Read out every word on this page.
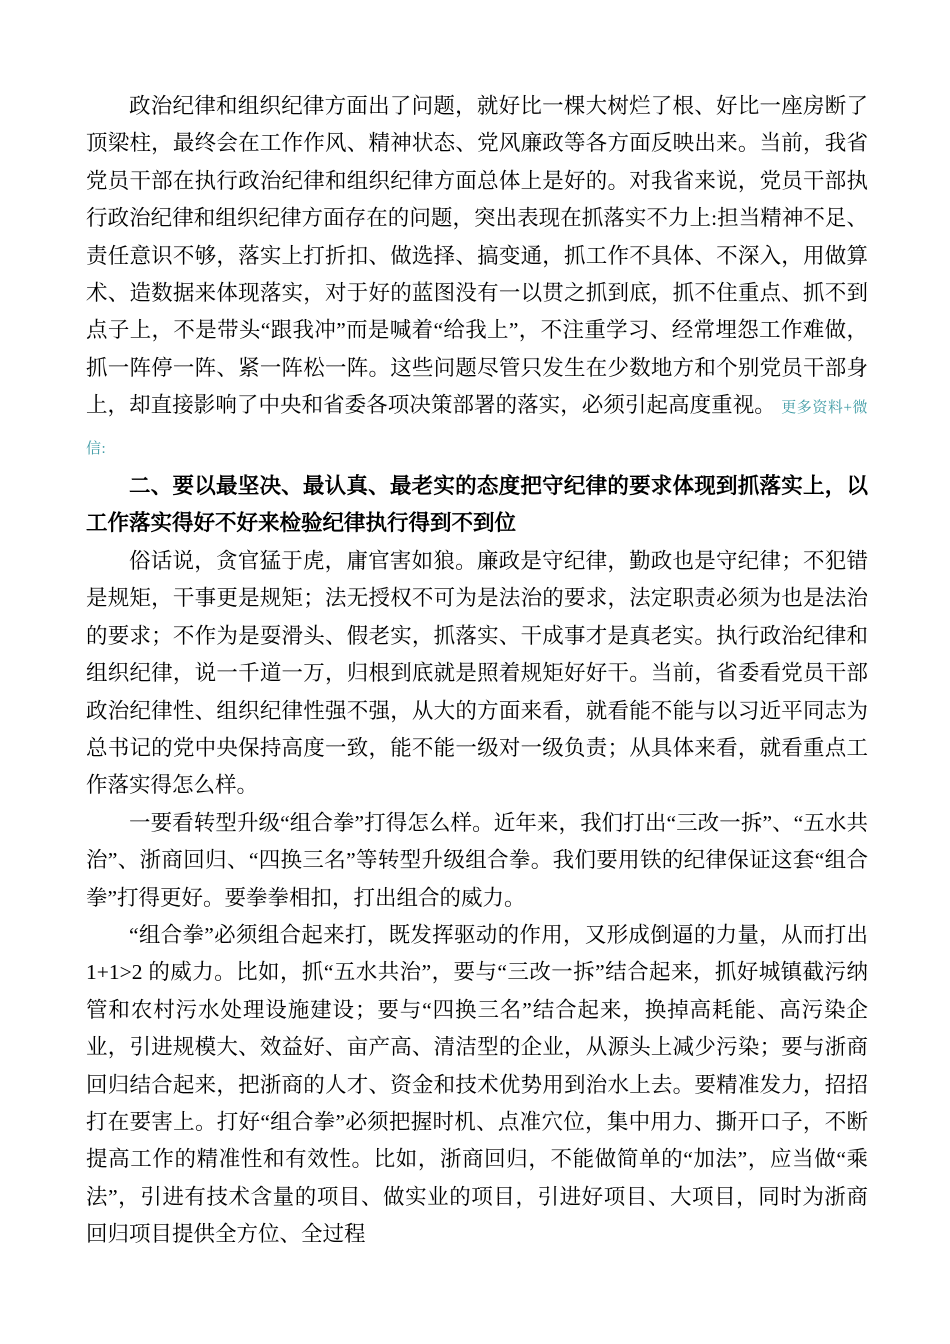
政治纪律和组织纪律方面出了问题，就好比一棵大树烂了根、好比一座房断了顶梁柱，最终会在工作作风、精神状态、党风廉政等各方面反映出来。当前，我省党员干部在执行政治纪律和组织纪律方面总体上是好的。对我省来说，党员干部执行政治纪律和组织纪律方面存在的问题，突出表现在抓落实不力上:担当精神不足、责任意识不够，落实上打折扣、做选择、搞变通，抓工作不具体、不深入，用做算术、造数据来体现落实，对于好的蓝图没有一以贯之抓到底，抓不住重点、抓不到点子上，不是带头“跟我冲”而是喊着“给我上”，不注重学习、经常埋怨工作难做，抓一阵停一阵、紧一阵松一阵。这些问题尽管只发生在少数地方和个别党员干部身上，却直接影响了中央和省委各项决策部署的落实，必须引起高度重视。 更多资料+微信:

二、要以最坚决、最认真、最老实的态度把守纪律的要求体现到抓落实上，以工作落实得好不好来检验纪律执行得到不到位

俗话说，贪官猛于虎，庸官害如狼。廉政是守纪律，勤政也是守纪律；不犯错是规矩，干事更是规矩；法无授权不可为是法治的要求，法定职责必须为也是法治的要求；不作为是耍滑头、假老实，抓落实、干成事才是真老实。执行政治纪律和组织纪律，说一千道一万，归根到底就是照着规矩好好干。当前，省委看党员干部政治纪律性、组织纪律性强不强，从大的方面来看，就看能不能与以习近平同志为总书记的党中央保持高度一致，能不能一级对一级负责；从具体来看，就看重点工作落实得怎么样。

一要看转型升级“组合拳”打得怎么样。近年来，我们打出“三改一拆”、“五水共治”、浙商回归、“四换三名”等转型升级组合拳。我们要用铁的纪律保证这套“组合拳”打得更好。要拳拳相扣，打出组合的威力。

“组合拳”必须组合起来打，既发挥驱动的作用，又形成倒逼的力量，从而打出 1+1>2 的威力。比如，抓“五水共治”，要与“三改一拆”结合起来，抓好城镇截污纳管和农村污水处理设施建设；要与“四换三名”结合起来，换掉高耗能、高污染企业，引进规模大、效益好、亩产高、清洁型的企业，从源头上减少污染；要与浙商回归结合起来，把浙商的人才、资金和技术优势用到治水上去。要精准发力，招招打在要害上。打好“组合拳”必须把握时机、点准穴位，集中用力、撕开口子，不断提高工作的精准性和有效性。比如，浙商回归，不能做简单的“加法”，应当做“乘法”，引进有技术含量的项目、做实业的项目，引进好项目、大项目，同时为浙商回归项目提供全方位、全过程
